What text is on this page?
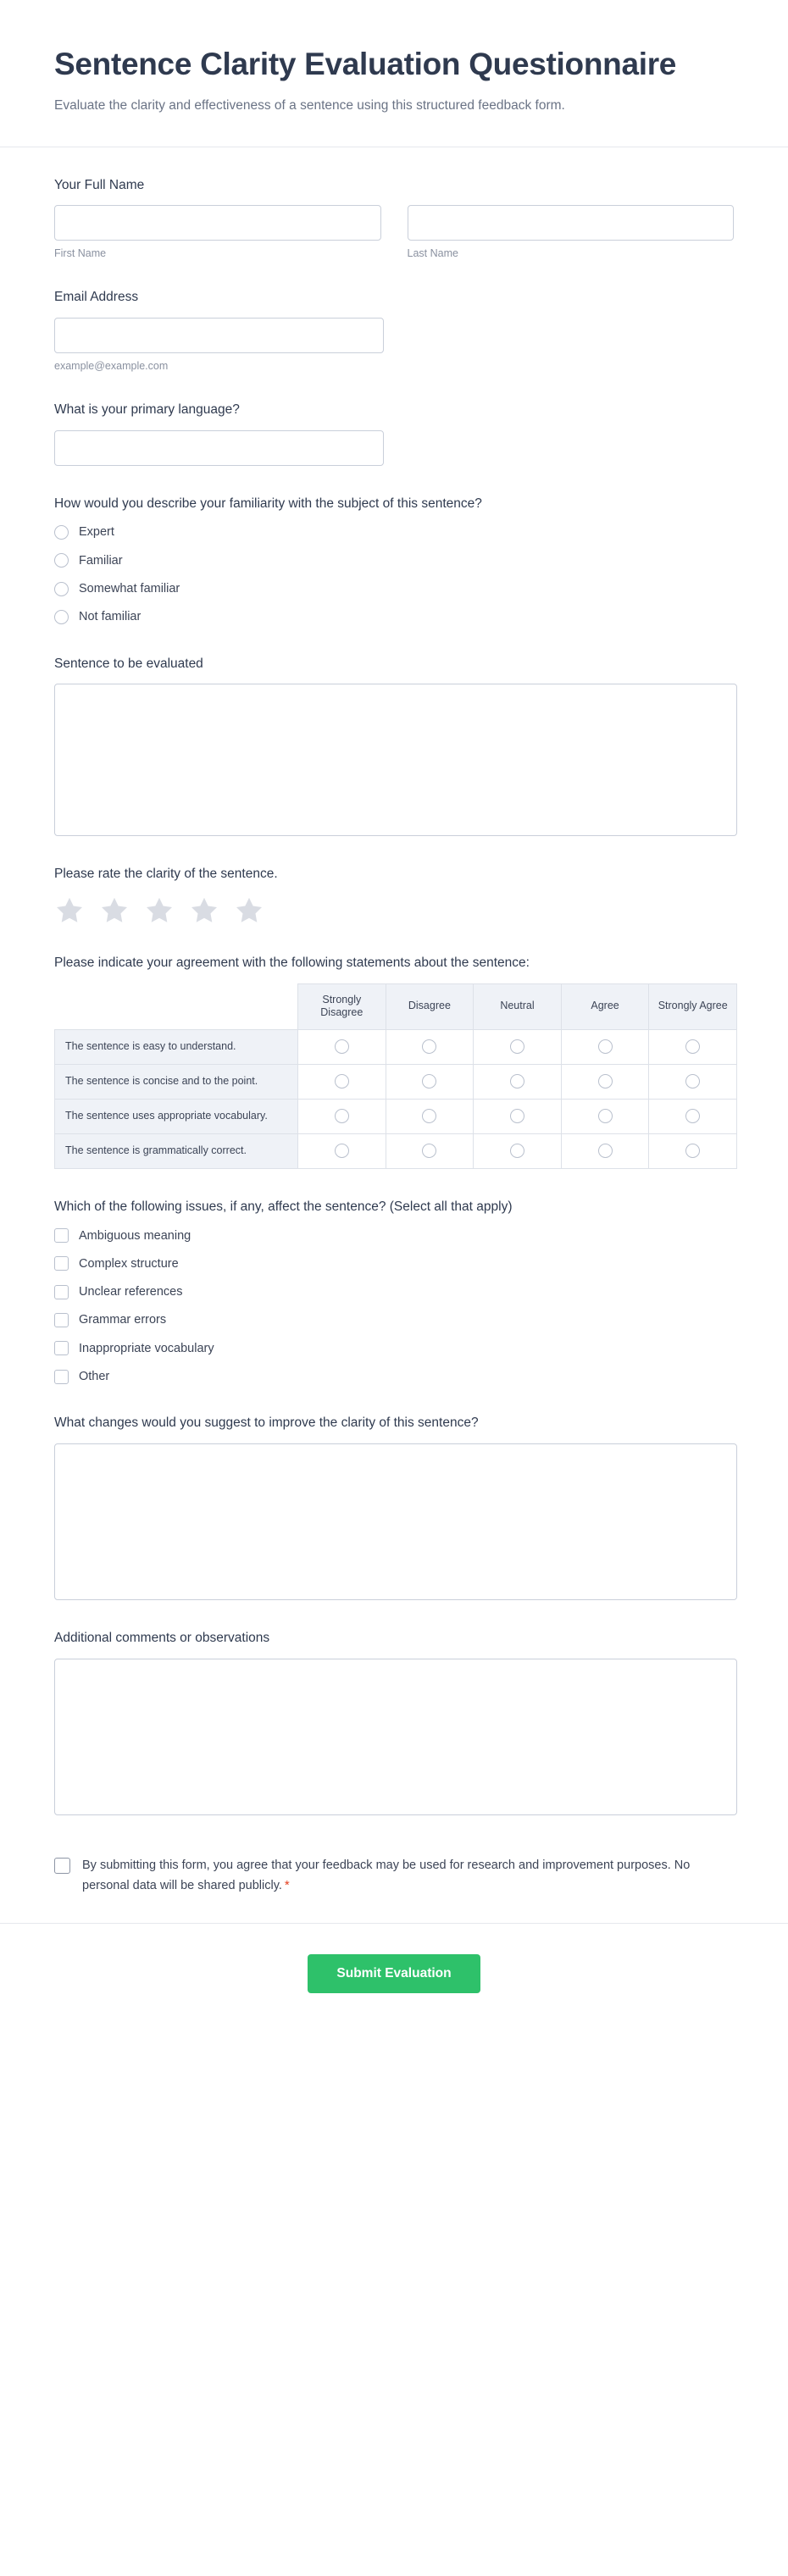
Sentence Clarity Evaluation Questionnaire

Evaluate the clarity and effectiveness of a sentence using this structured feedback form.

Your Full Name
First Name	Last Name
Email Address
example@example.com
What is your primary language?
How would you describe your familiarity with the subject of this sentence?
Expert
Familiar
Somewhat familiar
Not familiar
Sentence to be evaluated
Please rate the clarity of the sentence.
Please indicate your agreement with the following statements about the sentence:
	Strongly Disagree	Disagree	Neutral	Agree	Strongly Agree
The sentence is easy to understand.					
The sentence is concise and to the point.					
The sentence uses appropriate vocabulary.					
The sentence is grammatically correct.					
Which of the following issues, if any, affect the sentence? (Select all that apply)
Ambiguous meaning
Complex structure
Unclear references
Grammar errors
Inappropriate vocabulary
Other
What changes would you suggest to improve the clarity of this sentence?
Additional comments or observations
By submitting this form, you agree that your feedback may be used for research and improvement purposes. No personal data will be shared publicly. *
Submit Evaluation
